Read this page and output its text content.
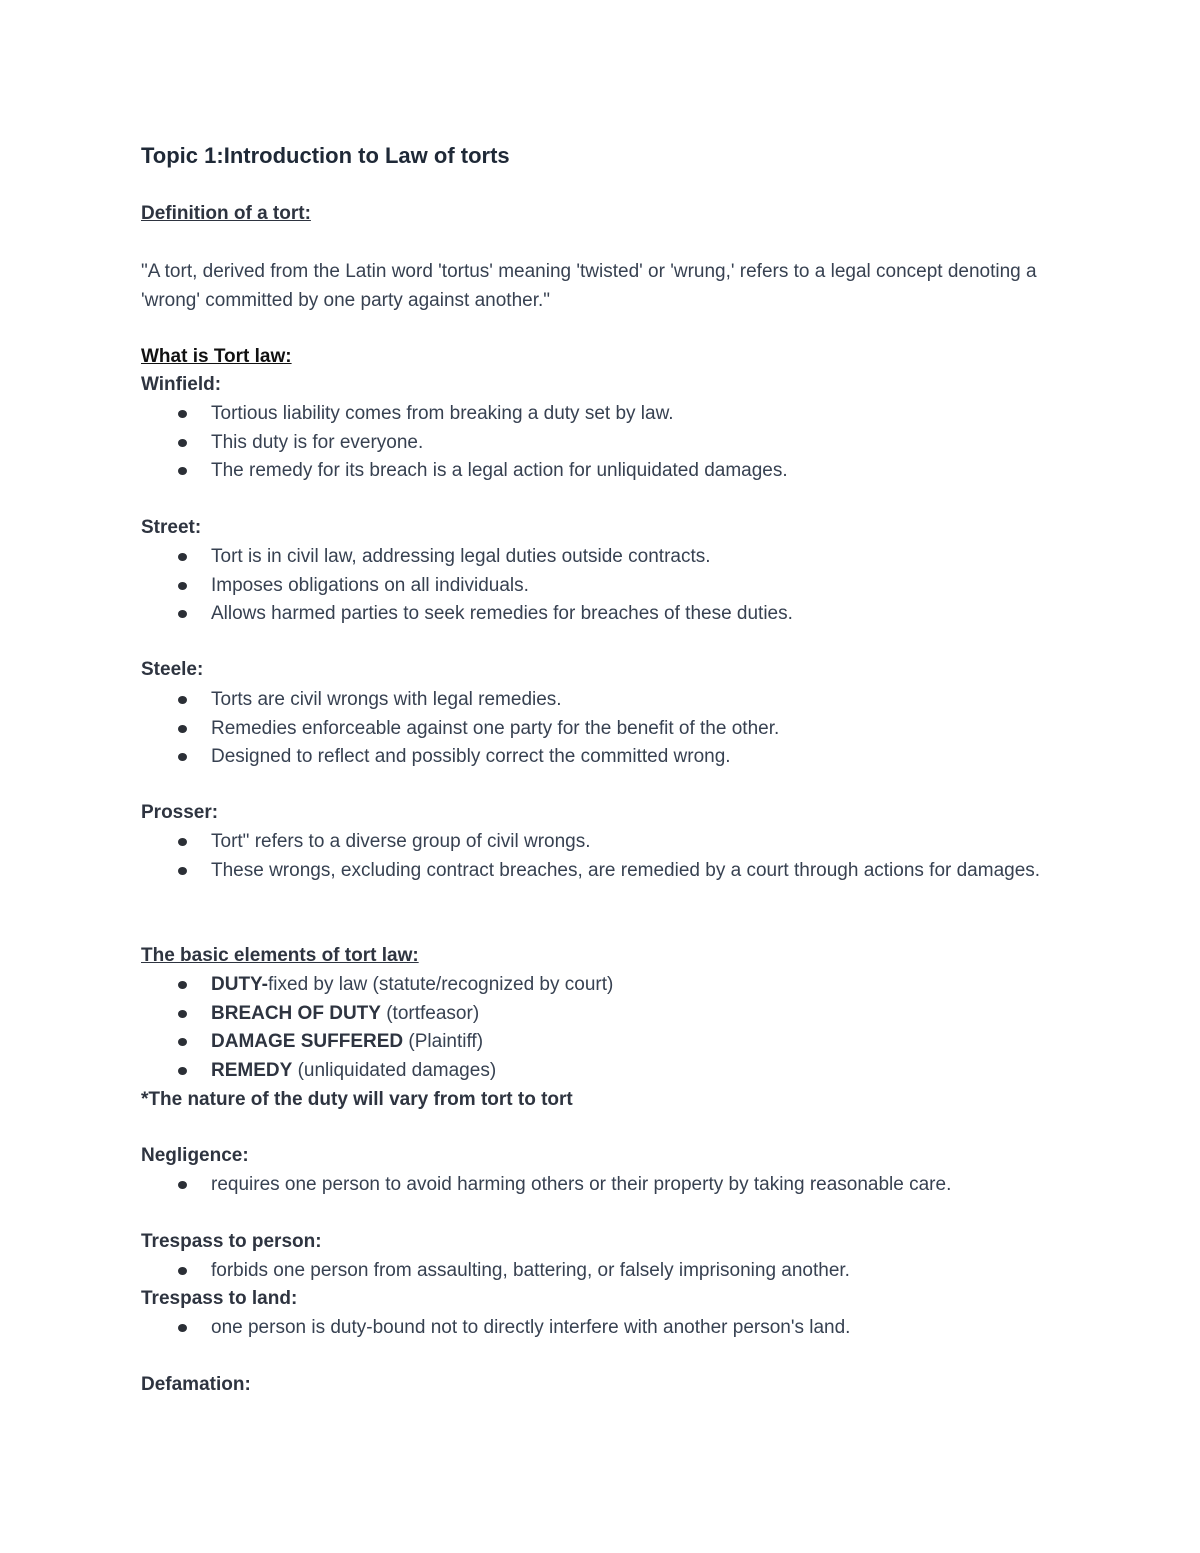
Topic 1:Introduction to Law of torts
Definition of a tort:

"A tort, derived from the Latin word 'tortus' meaning 'twisted' or 'wrung,' refers to a legal concept denoting a 'wrong' committed by one party against another."

What is Tort law:
Winfield:
Tortious liability comes from breaking a duty set by law.
This duty is for everyone.
The remedy for its breach is a legal action for unliquidated damages.
Street:
Tort is in civil law, addressing legal duties outside contracts.
Imposes obligations on all individuals.
Allows harmed parties to seek remedies for breaches of these duties.
Steele:
Torts are civil wrongs with legal remedies.
Remedies enforceable against one party for the benefit of the other.
Designed to reflect and possibly correct the committed wrong.
Prosser:
Tort" refers to a diverse group of civil wrongs.
These wrongs, excluding contract breaches, are remedied by a court through actions for damages.
The basic elements of tort law:
DUTY-fixed by law (statute/recognized by court)
BREACH OF DUTY (tortfeasor)
DAMAGE SUFFERED (Plaintiff)
REMEDY (unliquidated damages)
*The nature of the duty will vary from tort to tort
Negligence:
requires one person to avoid harming others or their property by taking reasonable care.
Trespass to person:
forbids one person from assaulting, battering, or falsely imprisoning another.
Trespass to land:
one person is duty-bound not to directly interfere with another person's land.
Defamation:
